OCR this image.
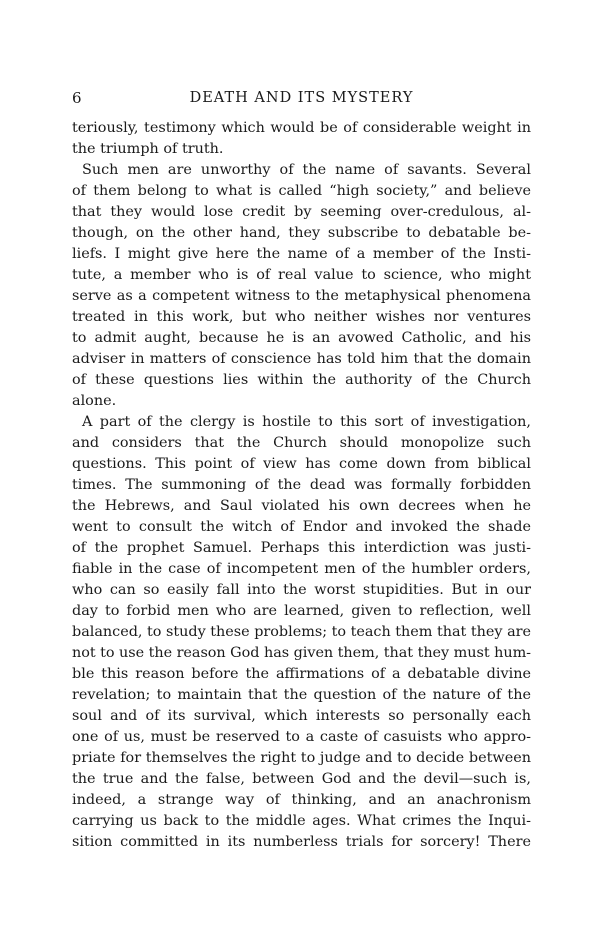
6	DEATH AND ITS MYSTERY
teriously, testimony which would be of considerable weight in
the triumph of truth.
Such men are unworthy of the name of savants. Several
of them belong to what is called “high society,” and believe
that they would lose credit by seeming over-credulous, al-
though, on the other hand, they subscribe to debatable be-
liefs. I might give here the name of a member of the Insti-
tute, a member who is of real value to science, who might
serve as a competent witness to the metaphysical phenomena
treated in this work, but who neither wishes nor ventures
to admit aught, because he is an avowed Catholic, and his
adviser in matters of conscience has told him that the domain
of these questions lies within the authority of the Church
alone.
A part of the clergy is hostile to this sort of investigation,
and considers that the Church should monopolize such
questions. This point of view has come down from biblical
times. The summoning of the dead was formally forbidden
the Hebrews, and Saul violated his own decrees when he
went to consult the witch of Endor and invoked the shade
of the prophet Samuel. Perhaps this interdiction was justi-
fiable in the case of incompetent men of the humbler orders,
who can so easily fall into the worst stupidities. But in our
day to forbid men who are learned, given to reflection, well
balanced, to study these problems; to teach them that they are
not to use the reason God has given them, that they must hum-
ble this reason before the affirmations of a debatable divine
revelation; to maintain that the question of the nature of the
soul and of its survival, which interests so personally each
one of us, must be reserved to a caste of casuists who appro-
priate for themselves the right to judge and to decide between
the true and the false, between God and the devil—such is,
indeed, a strange way of thinking, and an anachronism
carrying us back to the middle ages. What crimes the Inqui-
sition committed in its numberless trials for sorcery! There
